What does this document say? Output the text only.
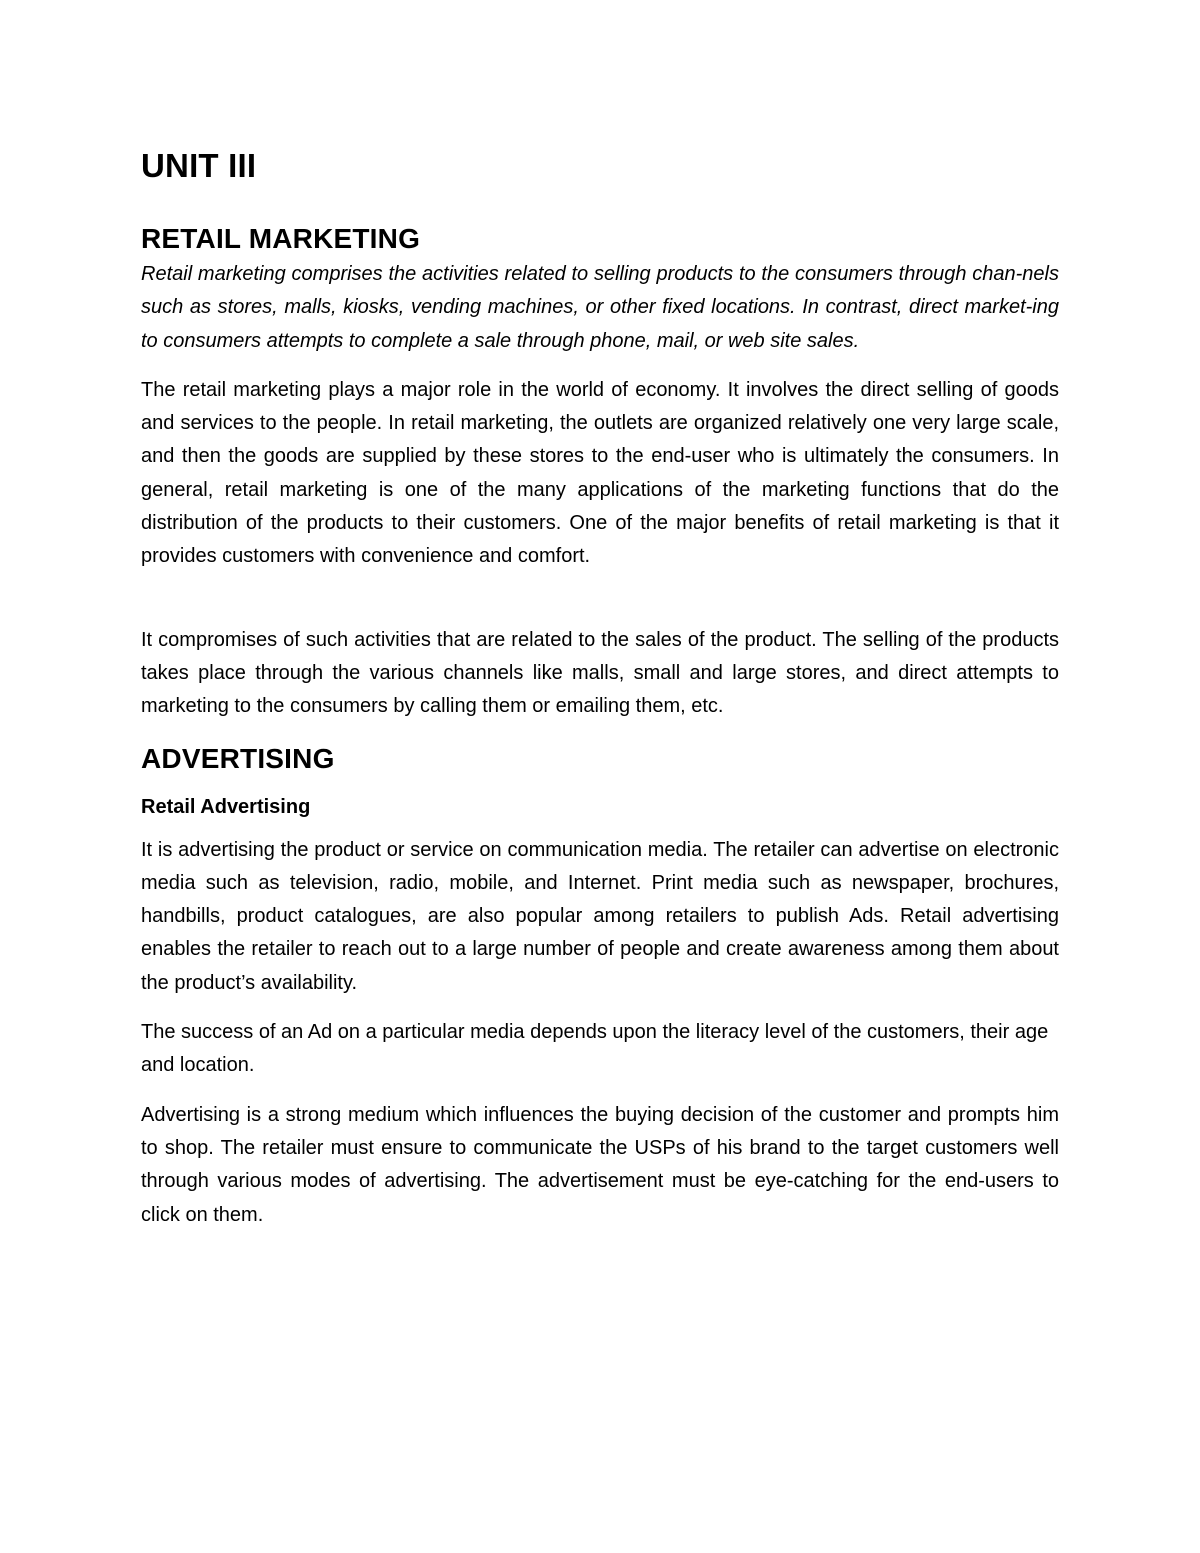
UNIT III
RETAIL MARKETING

Retail marketing comprises the activities related to selling products to the consumers through chan-nels such as stores, malls, kiosks, vending machines, or other fixed locations. In contrast, direct market-ing to consumers attempts to complete a sale through phone, mail, or web site sales.

The retail marketing plays a major role in the world of economy. It involves the direct selling of goods and services to the people. In retail marketing, the outlets are organized relatively one very large scale, and then the goods are supplied by these stores to the end-user who is ultimately the consumers. In general, retail marketing is one of the many applications of the marketing functions that do the distribution of the products to their customers. One of the major benefits of retail marketing is that it provides customers with convenience and comfort.

It compromises of such activities that are related to the sales of the product. The selling of the products takes place through the various channels like malls, small and large stores, and direct attempts to marketing to the consumers by calling them or emailing them, etc.

ADVERTISING
Retail Advertising

It is advertising the product or service on communication media. The retailer can advertise on electronic media such as television, radio, mobile, and Internet. Print media such as newspaper, brochures, handbills, product catalogues, are also popular among retailers to publish Ads. Retail advertising enables the retailer to reach out to a large number of people and create awareness among them about the product’s availability.

The success of an Ad on a particular media depends upon the literacy level of the customers, their age and location.

Advertising is a strong medium which influences the buying decision of the customer and prompts him to shop. The retailer must ensure to communicate the USPs of his brand to the target customers well through various modes of advertising. The advertisement must be eye-catching for the end-users to click on them.
